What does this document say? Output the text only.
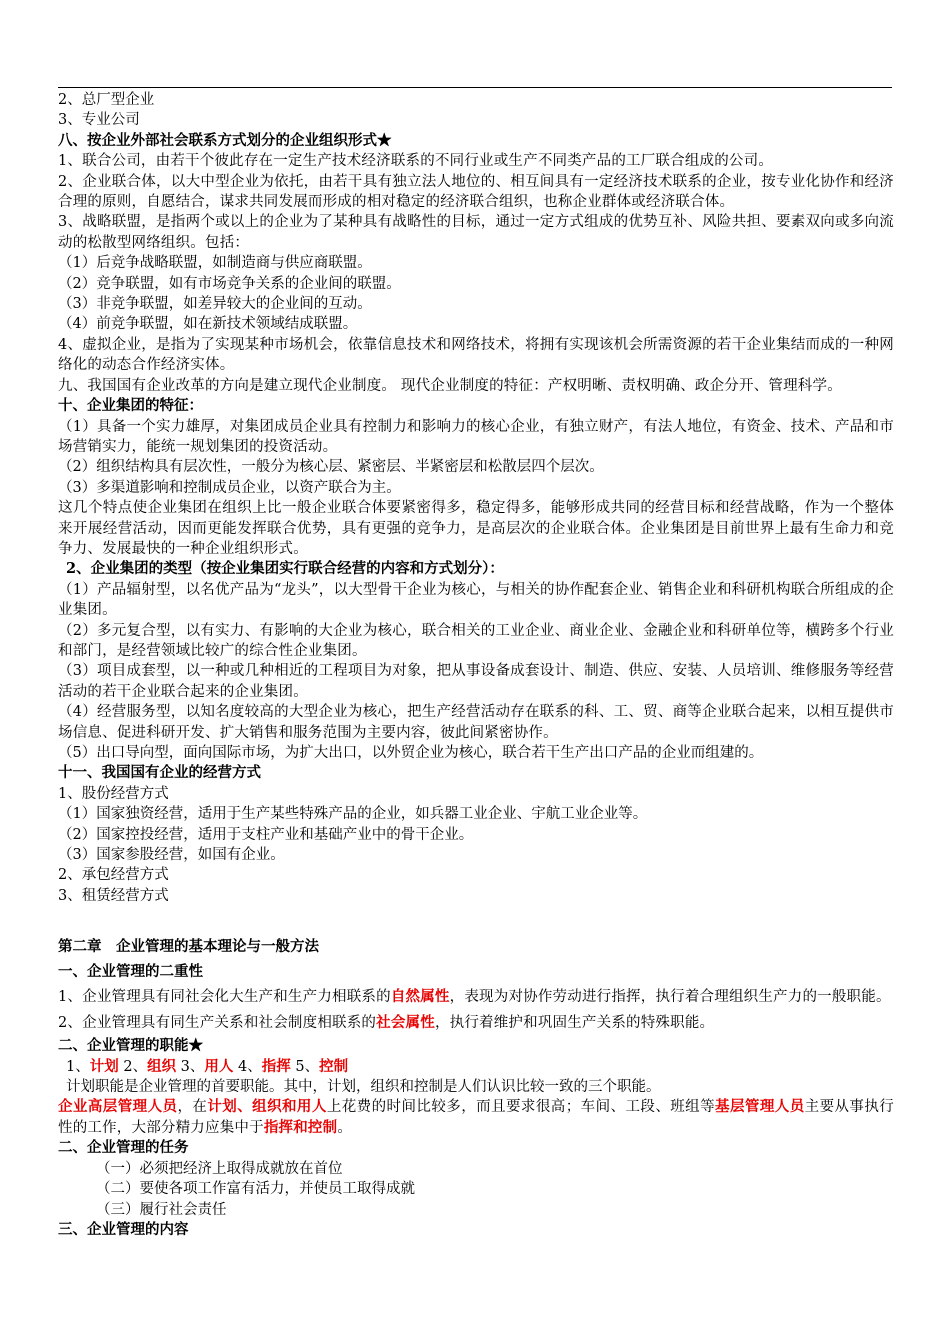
2、总厂型企业
3、专业公司
八、按企业外部社会联系方式划分的企业组织形式★
1、联合公司，由若干个彼此存在一定生产技术经济联系的不同行业或生产不同类产品的工厂联合组成的公司。
2、企业联合体，以大中型企业为依托，由若干具有独立法人地位的、相互间具有一定经济技术联系的企业，按专业化协作和经济合理的原则，自愿结合，谋求共同发展而形成的相对稳定的经济联合组织，也称企业群体或经济联合体。
3、战略联盟，是指两个或以上的企业为了某种具有战略性的目标，通过一定方式组成的优势互补、风险共担、要素双向或多向流动的松散型网络组织。包括：
（1）后竞争战略联盟，如制造商与供应商联盟。
（2）竞争联盟，如有市场竞争关系的企业间的联盟。
（3）非竞争联盟，如差异较大的企业间的互动。
（4）前竞争联盟，如在新技术领域结成联盟。
4、虚拟企业，是指为了实现某种市场机会，依靠信息技术和网络技术，将拥有实现该机会所需资源的若干企业集结而成的一种网络化的动态合作经济实体。
九、我国国有企业改革的方向是建立现代企业制度。 现代企业制度的特征：产权明晰、责权明确、政企分开、管理科学。
十、企业集团的特征：
（1）具备一个实力雄厚，对集团成员企业具有控制力和影响力的核心企业，有独立财产，有法人地位，有资金、技术、产品和市场营销实力，能统一规划集团的投资活动。
（2）组织结构具有层次性，一般分为核心层、紧密层、半紧密层和松散层四个层次。
（3）多渠道影响和控制成员企业，以资产联合为主。
这几个特点使企业集团在组织上比一般企业联合体要紧密得多，稳定得多，能够形成共同的经营目标和经营战略，作为一个整体来开展经营活动，因而更能发挥联合优势，具有更强的竞争力，是高层次的企业联合体。企业集团是目前世界上最有生命力和竞争力、发展最快的一种企业组织形式。
2、企业集团的类型（按企业集团实行联合经营的内容和方式划分）：
（1）产品辐射型，以名优产品为“龙头”，以大型骨干企业为核心，与相关的协作配套企业、销售企业和科研机构联合所组成的企业集团。
（2）多元复合型，以有实力、有影响的大企业为核心，联合相关的工业企业、商业企业、金融企业和科研单位等，横跨多个行业和部门，是经营领域比较广的综合性企业集团。
（3）项目成套型，以一种或几种相近的工程项目为对象，把从事设备成套设计、制造、供应、安装、人员培训、维修服务等经营活动的若干企业联合起来的企业集团。
（4）经营服务型，以知名度较高的大型企业为核心，把生产经营活动存在联系的科、工、贸、商等企业联合起来，以相互提供市场信息、促进科研开发、扩大销售和服务范围为主要内容，彼此间紧密协作。
（5）出口导向型，面向国际市场，为扩大出口，以外贸企业为核心，联合若干生产出口产品的企业而组建的。
十一、我国国有企业的经营方式
1、股份经营方式
（1）国家独资经营，适用于生产某些特殊产品的企业，如兵器工业企业、宇航工业企业等。
（2）国家控投经营，适用于支柱产业和基础产业中的骨干企业。
（3）国家参股经营，如国有企业。
2、承包经营方式
3、租赁经营方式
第二章　企业管理的基本理论与一般方法
一、企业管理的二重性
1、企业管理具有同社会化大生产和生产力相联系的自然属性，表现为对协作劳动进行指挥，执行着合理组织生产力的一般职能。
2、企业管理具有同生产关系和社会制度相联系的社会属性，执行着维护和巩固生产关系的特殊职能。
二、企业管理的职能★
1、计划 2、组织 3、用人 4、指挥 5、控制
计划职能是企业管理的首要职能。其中，计划，组织和控制是人们认识比较一致的三个职能。
企业高层管理人员，在计划、组织和用人上花费的时间比较多，而且要求很高；车间、工段、班组等基层管理人员主要从事执行性的工作，大部分精力应集中于指挥和控制。
二、企业管理的任务
（一）必须把经济上取得成就放在首位
（二）要使各项工作富有活力，并使员工取得成就
（三）履行社会责任
三、企业管理的内容
